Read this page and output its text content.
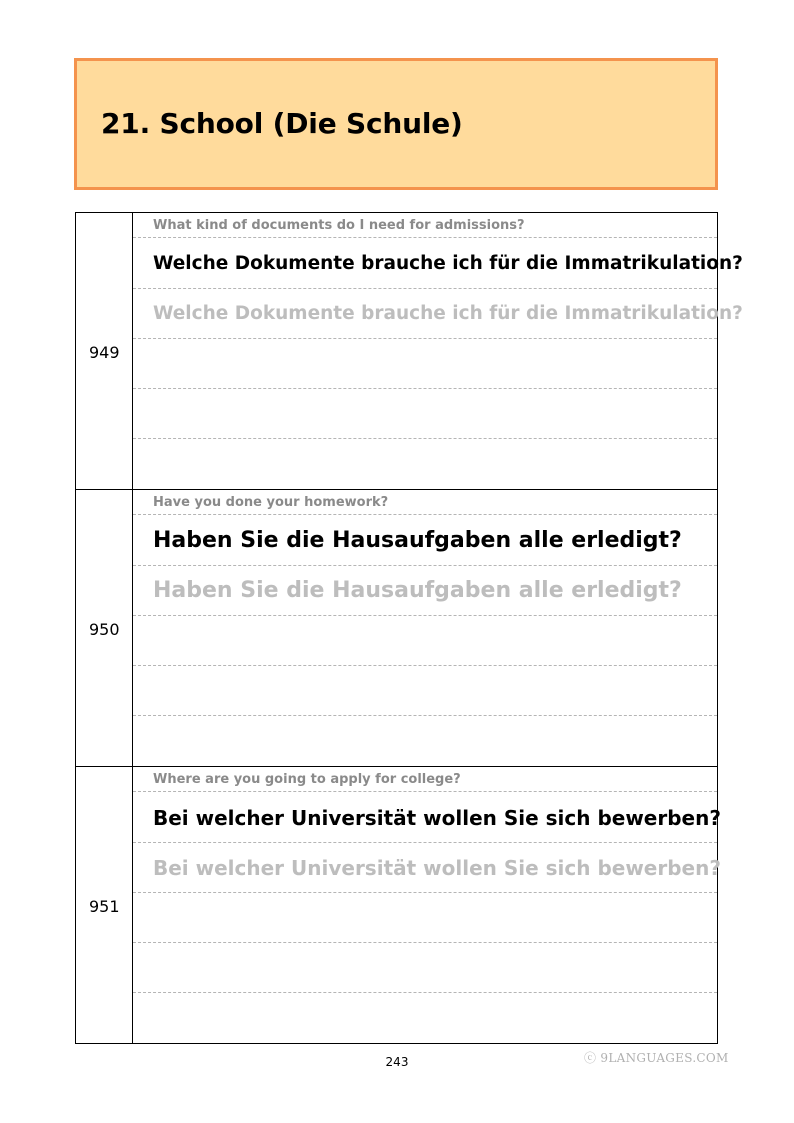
21. School (Die Schule)
949
What kind of documents do I need for admissions?
Welche Dokumente brauche ich für die Immatrikulation?
Welche Dokumente brauche ich für die Immatrikulation?
950
Have you done your homework?
Haben Sie die Hausaufgaben alle erledigt?
Haben Sie die Hausaufgaben alle erledigt?
951
Where are you going to apply for college?
Bei welcher Universität wollen Sie sich bewerben?
Bei welcher Universität wollen Sie sich bewerben?
243	ⓒ 9LANGUAGES.COM
